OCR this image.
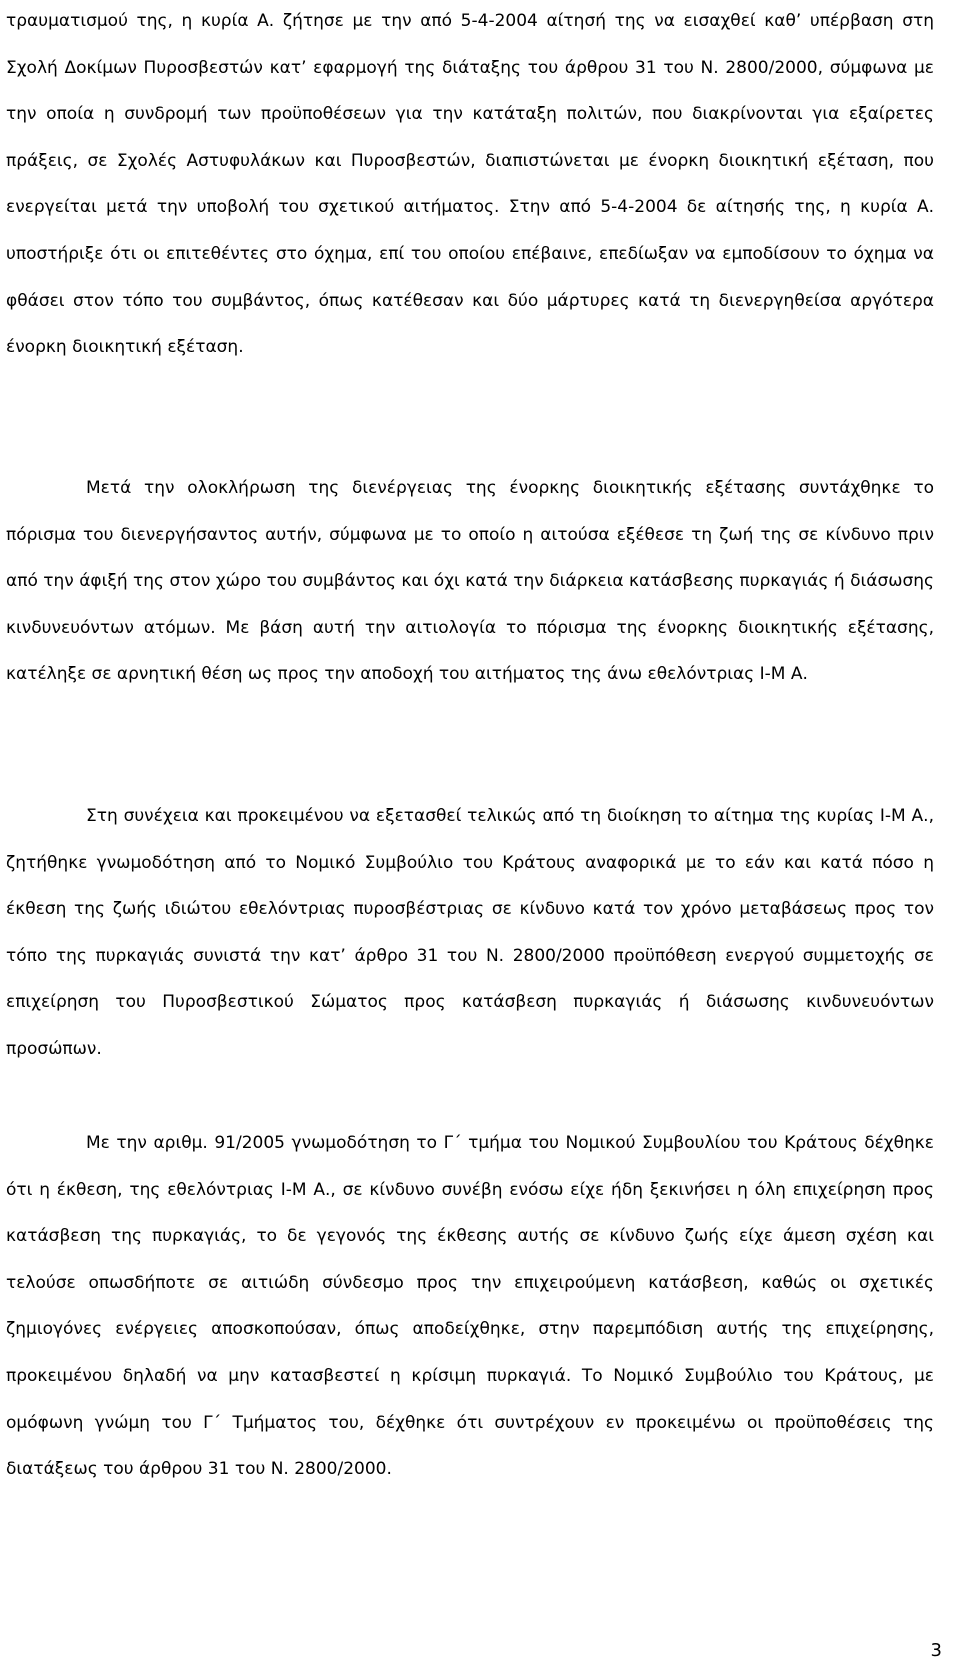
τραυματισμού της, η κυρία Α. ζήτησε με την από 5-4-2004 αίτησή της να εισαχθεί καθ’ υπέρβαση στη Σχολή Δοκίμων Πυροσβεστών κατ’ εφαρμογή της διάταξης του άρθρου 31 του Ν. 2800/2000, σύμφωνα με την οποία η συνδρομή των προϋποθέσεων για την κατάταξη πολιτών, που διακρίνονται για εξαίρετες πράξεις, σε Σχολές Αστυφυλάκων και Πυροσβεστών, διαπιστώνεται με ένορκη διοικητική εξέταση, που ενεργείται μετά την υποβολή του σχετικού αιτήματος. Στην από 5-4-2004 δε αίτησής της, η κυρία Α. υποστήριξε ότι οι επιτεθέντες στο όχημα, επί του οποίου επέβαινε, επεδίωξαν να εμποδίσουν το όχημα να φθάσει στον τόπο του συμβάντος, όπως κατέθεσαν και δύο μάρτυρες κατά τη διενεργηθείσα αργότερα ένορκη διοικητική εξέταση.

Μετά την ολοκλήρωση της διενέργειας της ένορκης διοικητικής εξέτασης συντάχθηκε το πόρισμα του διενεργήσαντος αυτήν, σύμφωνα με το οποίο η αιτούσα εξέθεσε τη ζωή της σε κίνδυνο πριν από την άφιξή της στον χώρο του συμβάντος και όχι κατά την διάρκεια κατάσβεσης πυρκαγιάς ή διάσωσης κινδυνευόντων ατόμων. Με βάση αυτή την αιτιολογία το πόρισμα της ένορκης διοικητικής εξέτασης, κατέληξε σε αρνητική θέση ως προς την αποδοχή του αιτήματος της άνω εθελόντριας Ι-Μ Α.

Στη συνέχεια και προκειμένου να εξετασθεί τελικώς από τη διοίκηση το αίτημα της κυρίας Ι-Μ Α., ζητήθηκε γνωμοδότηση από το Νομικό Συμβούλιο του Κράτους αναφορικά με το εάν και κατά πόσο η έκθεση της ζωής ιδιώτου εθελόντριας πυροσβέστριας σε κίνδυνο κατά τον χρόνο μεταβάσεως προς τον τόπο της πυρκαγιάς συνιστά την κατ’ άρθρο 31 του Ν. 2800/2000 προϋπόθεση ενεργού συμμετοχής σε επιχείρηση του Πυροσβεστικού Σώματος προς κατάσβεση πυρκαγιάς ή διάσωσης κινδυνευόντων προσώπων.

Με την αριθμ. 91/2005 γνωμοδότηση το Γ΄ τμήμα του Νομικού Συμβουλίου του Κράτους δέχθηκε ότι η έκθεση, της εθελόντριας Ι-Μ Α., σε κίνδυνο συνέβη ενόσω είχε ήδη ξεκινήσει η όλη επιχείρηση προς κατάσβεση της πυρκαγιάς, το δε γεγονός της έκθεσης αυτής σε κίνδυνο ζωής είχε άμεση σχέση και τελούσε οπωσδήποτε σε αιτιώδη σύνδεσμο προς την επιχειρούμενη κατάσβεση, καθώς οι σχετικές ζημιογόνες ενέργειες αποσκοπούσαν, όπως αποδείχθηκε, στην παρεμπόδιση αυτής της επιχείρησης, προκειμένου δηλαδή να μην κατασβεστεί η κρίσιμη πυρκαγιά. Το Νομικό Συμβούλιο του Κράτους, με ομόφωνη γνώμη του Γ΄ Τμήματος του, δέχθηκε ότι συντρέχουν εν προκειμένω οι προϋποθέσεις της διατάξεως του άρθρου 31 του Ν. 2800/2000.

3
